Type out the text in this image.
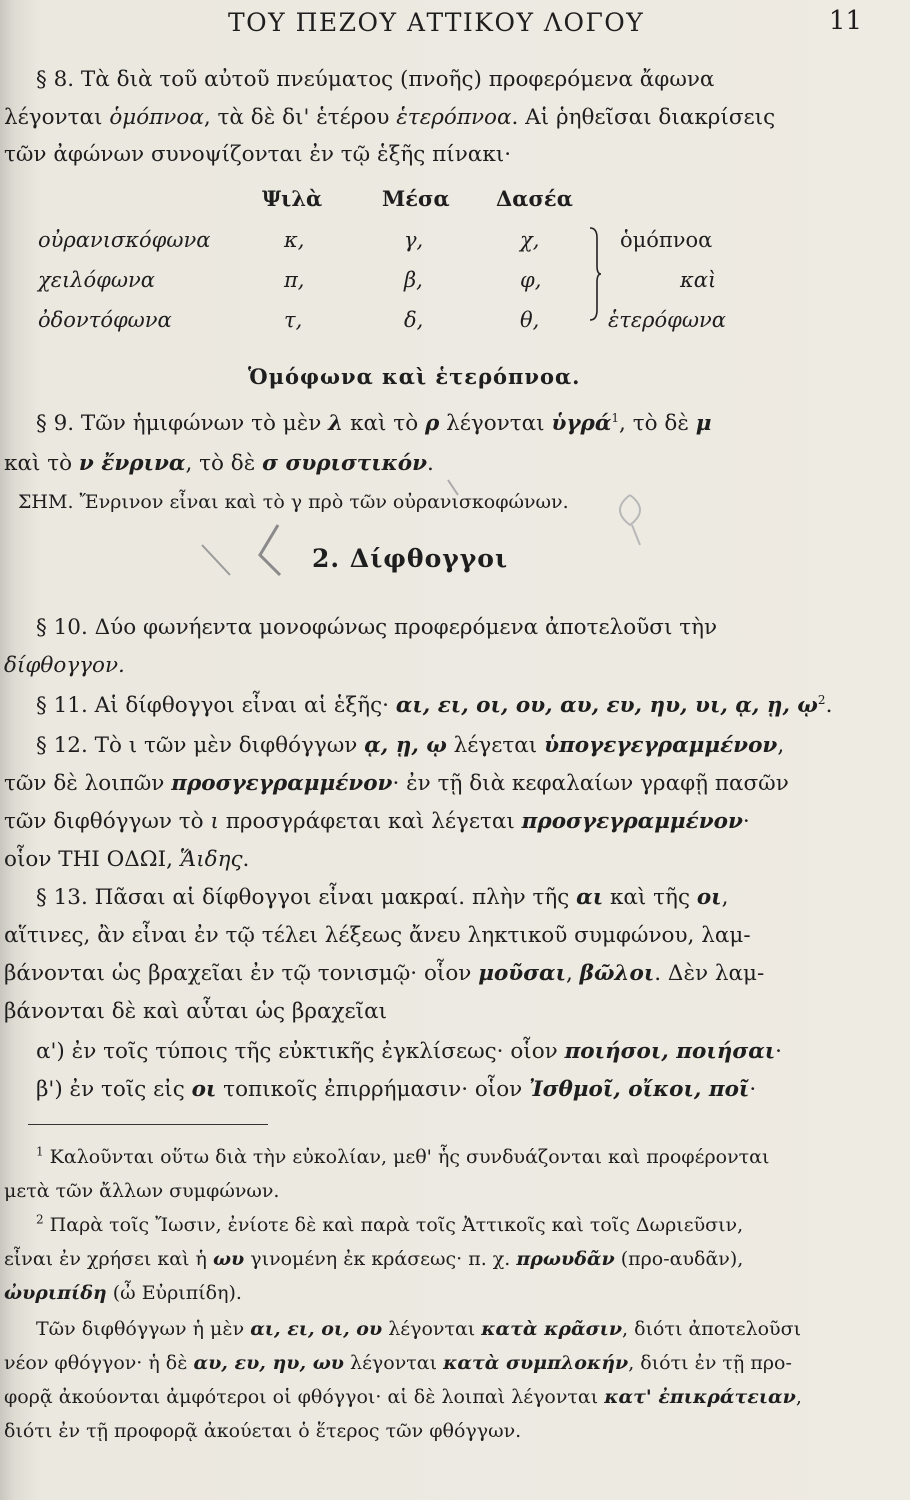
ΤΟΥ ΠΕΖΟΥ ΑΤΤΙΚΟΥ ΛΟΓΟΥ	11
§ 8. Τὰ διὰ τοῦ αὐτοῦ πνεύματος (πνοῆς) προφερόμενα ἄφωνα
λέγονται ὁμόπνοα, τὰ δὲ δι' ἑτέρου ἑτερόπνοα. Αἱ ῥηθεῖσαι διακρίσεις
τῶν ἀφώνων συνοψίζονται ἐν τῷ ἑξῆς πίνακι·
Ψιλὰ	Μέσα Δασέα
οὐρανισκόφωνα	κ,	γ,	χ,
χειλόφωνα	π,	β,	φ,
ὀδοντόφωνα	τ,	δ,	θ,
ὁμόπνοα
καὶ
ἑτερόφωνα
Ὁμόφωνα καὶ ἑτερόπνοα.
§ 9. Τῶν ἡμιφώνων τὸ μὲν λ καὶ τὸ ρ λέγονται ὑγρά$^1$, τὸ δὲ μ
καὶ τὸ ν ἔνρινα, τὸ δὲ σ συριστικόν.
ΣΗΜ. Ἔνρινον εἶναι καὶ τὸ γ πρὸ τῶν οὐρανισκοφώνων.
2. Δίφθογγοι
§ 10. Δύο φωνήεντα μονοφώνως προφερόμενα ἀποτελοῦσι τὴν
δίφθογγον.
§ 11. Αἱ δίφθογγοι εἶναι αἱ ἑξῆς· αι, ει, οι, ου, αυ, ευ, ηυ, υι, ᾳ, ῃ, ῳ$^2$.
§ 12. Τὸ ι τῶν μὲν διφθόγγων ᾳ, ῃ, ῳ λέγεται ὑπογεγεγραμμένον,
τῶν δὲ λοιπῶν προσγεγραμμένον· ἐν τῇ διὰ κεφαλαίων γραφῇ πασῶν
τῶν διφθόγγων τὸ ι προσγράφεται καὶ λέγεται προσγεγραμμένον·
οἷον ΤΗΙ ΟΔΩΙ, Ἅιδης.
§ 13. Πᾶσαι αἱ δίφθογγοι εἶναι μακραί. πλὴν τῆς αι καὶ τῆς οι,
αἵτινες, ἂν εἶναι ἐν τῷ τέλει λέξεως ἄνευ ληκτικοῦ συμφώνου, λαμ-
βάνονται ὡς βραχεῖαι ἐν τῷ τονισμῷ· οἷον μοῦσαι, βῶλοι. Δὲν λαμ-
βάνονται δὲ καὶ αὗται ὡς βραχεῖαι
α') ἐν τοῖς τύποις τῆς εὐκτικῆς ἐγκλίσεως· οἷον ποιήσοι, ποιήσαι·
β') ἐν τοῖς εἰς οι τοπικοῖς ἐπιρρήμασιν· οἷον Ἰσθμοῖ, οἴκοι, ποῖ·
$^1$ Καλοῦνται οὕτω διὰ τὴν εὐκολίαν, μεθ' ἧς συνδυάζονται καὶ προφέρονται
μετὰ τῶν ἄλλων συμφώνων.
$^2$ Παρὰ τοῖς Ἴωσιν, ἐνίοτε δὲ καὶ παρὰ τοῖς Ἀττικοῖς καὶ τοῖς Δωριεῦσιν,
εἶναι ἐν χρήσει καὶ ἡ ωυ γινομένη ἐκ κράσεως· π. χ. πρωυδᾶν (προ-αυδᾶν),
ὠυριπίδη (ὦ Εὐριπίδη).
Τῶν διφθόγγων ἡ μὲν αι, ει, οι, ου λέγονται κατὰ κρᾶσιν, διότι ἀποτελοῦσι
νέον φθόγγον· ἡ δὲ αυ, ευ, ηυ, ωυ λέγονται κατὰ συμπλοκήν, διότι ἐν τῇ προ-
φορᾷ ἀκούονται ἀμφότεροι οἱ φθόγγοι· αἱ δὲ λοιπαὶ λέγονται κατ' ἐπικράτειαν,
διότι ἐν τῇ προφορᾷ ἀκούεται ὁ ἕτερος τῶν φθόγγων.
